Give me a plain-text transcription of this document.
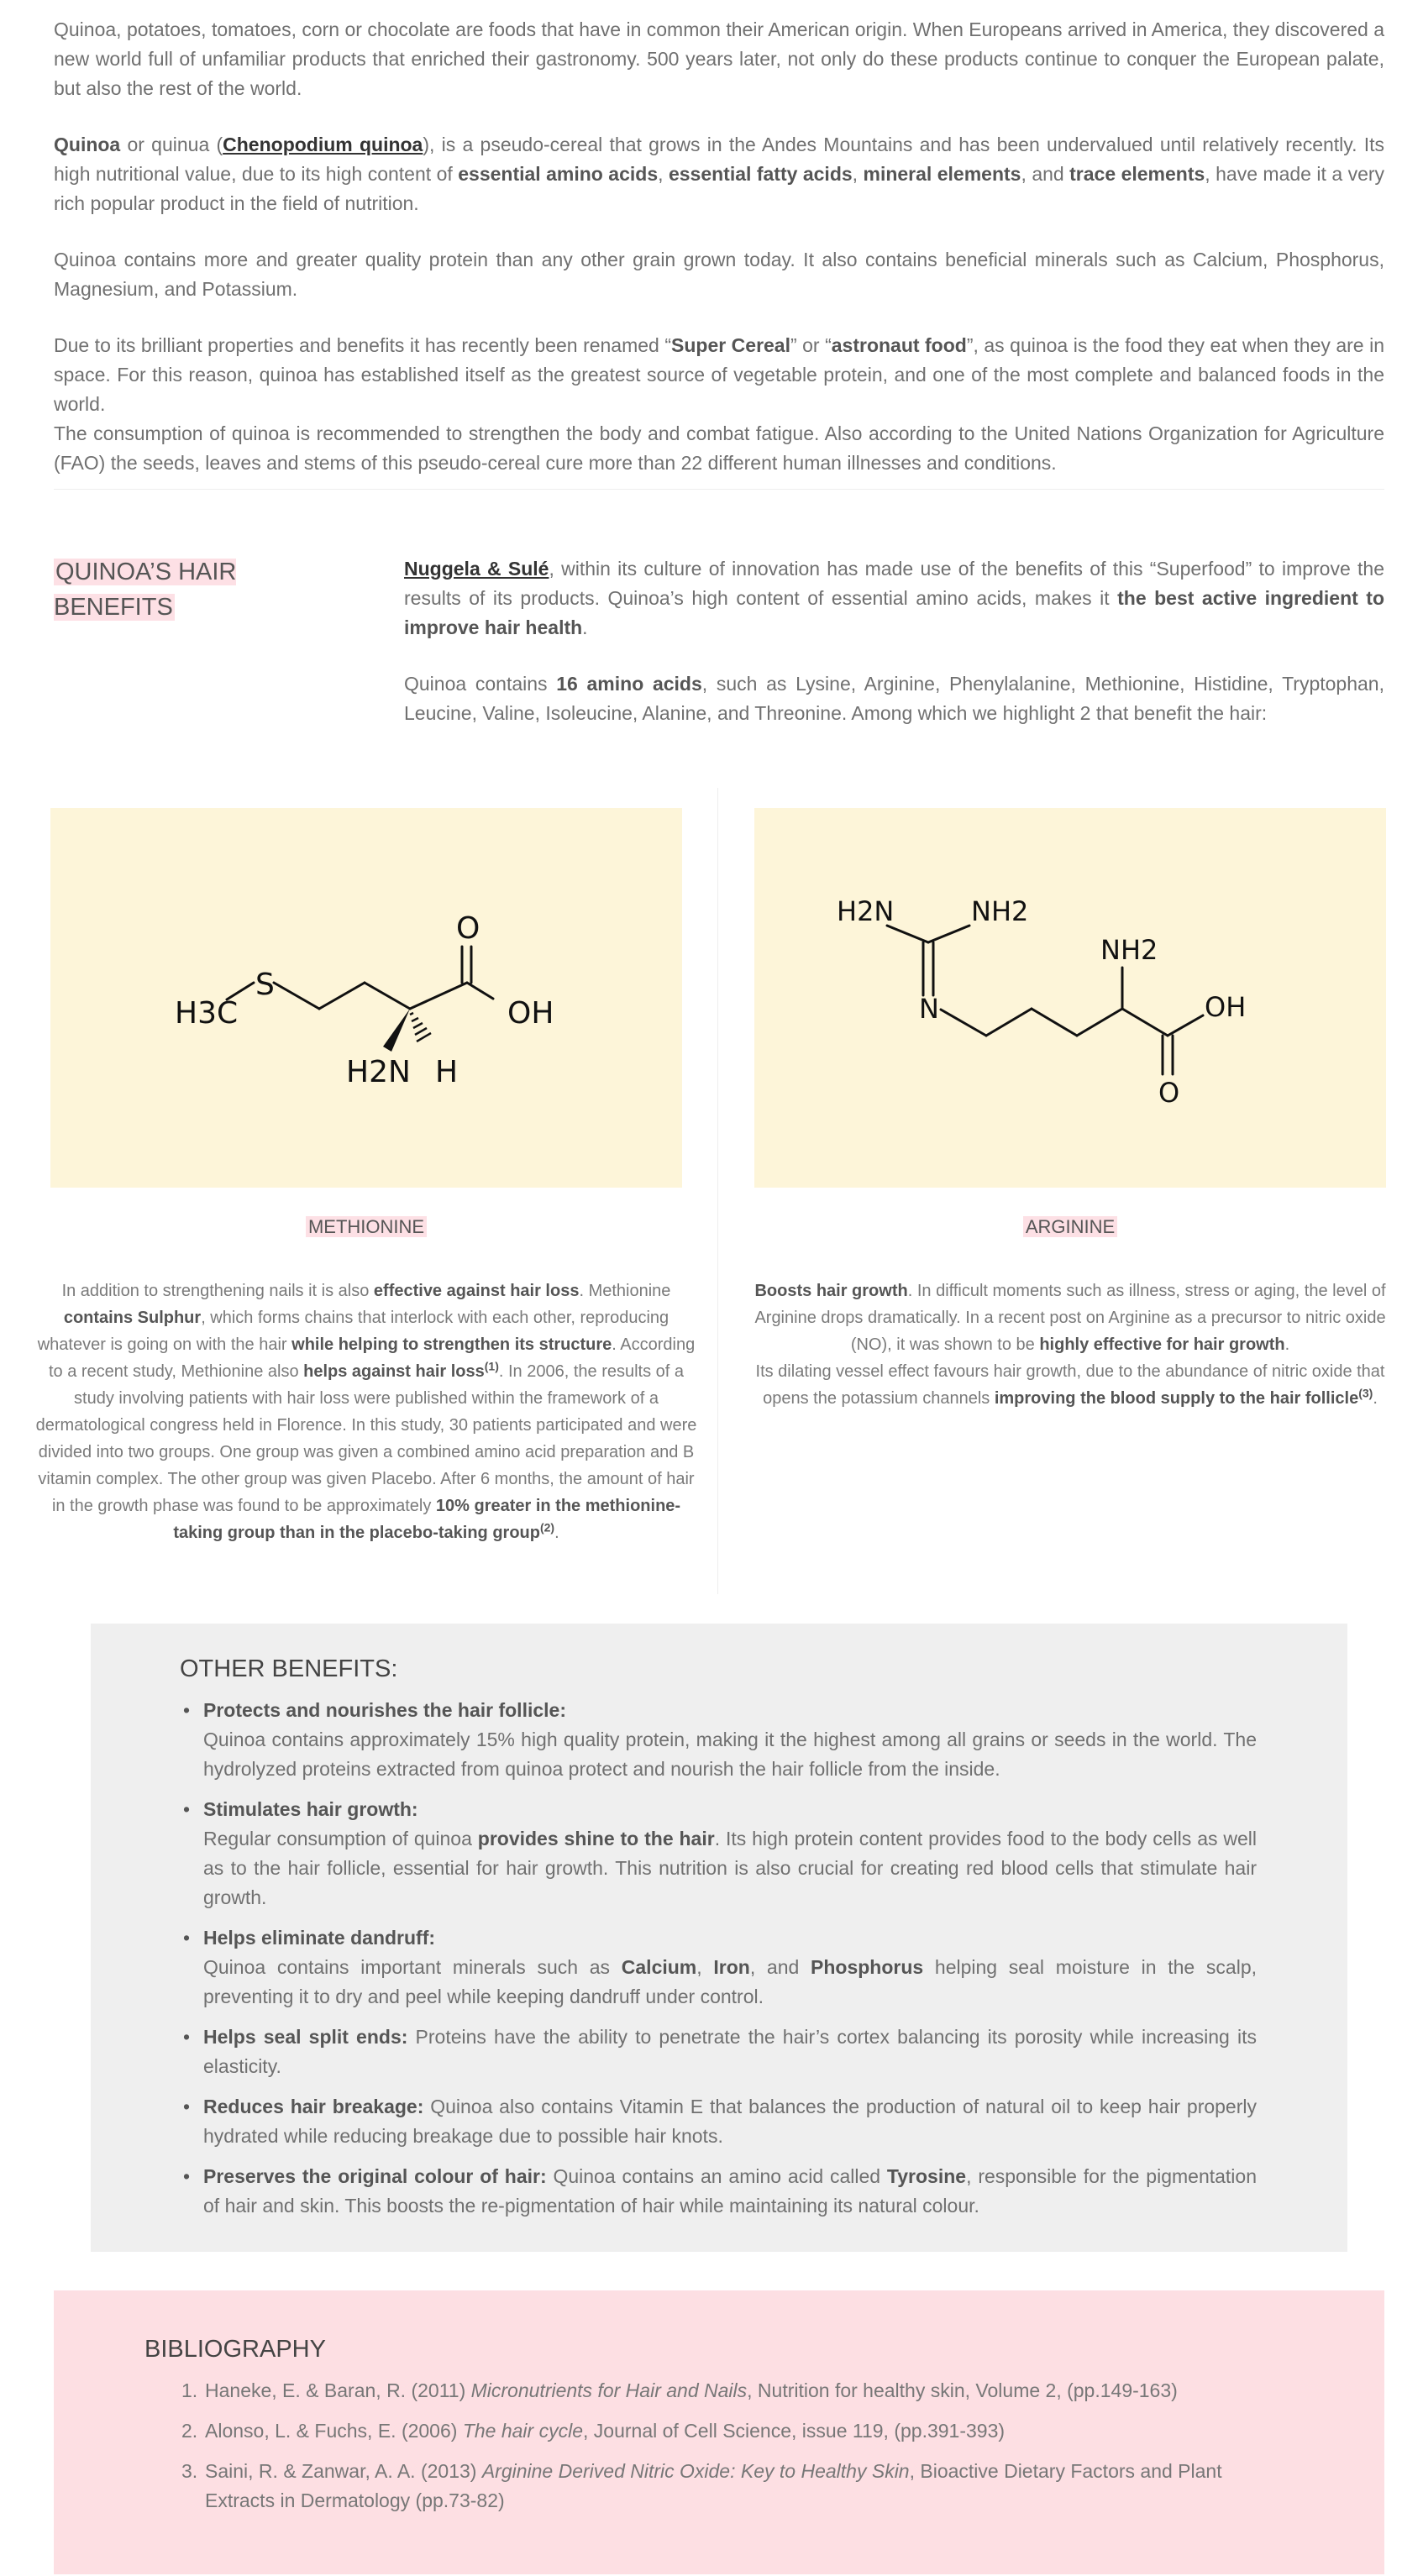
Quinoa, potatoes, tomatoes, corn or chocolate are foods that have in common their American origin. When Europeans arrived in America, they discovered a new world full of unfamiliar products that enriched their gastronomy. 500 years later, not only do these products continue to conquer the European palate, but also the rest of the world.

Quinoa or quinua (Chenopodium quinoa), is a pseudo-cereal that grows in the Andes Mountains and has been undervalued until relatively recently. Its high nutritional value, due to its high content of essential amino acids, essential fatty acids, mineral elements, and trace elements, have made it a very rich popular product in the field of nutrition.

Quinoa contains more and greater quality protein than any other grain grown today. It also contains beneficial minerals such as Calcium, Phosphorus, Magnesium, and Potassium.

Due to its brilliant properties and benefits it has recently been renamed “Super Cereal” or “astronaut food”, as quinoa is the food they eat when they are in space. For this reason, quinoa has established itself as the greatest source of vegetable protein, and one of the most complete and balanced foods in the world.

The consumption of quinoa is recommended to strengthen the body and combat fatigue. Also according to the United Nations Organization for Agriculture (FAO) the seeds, leaves and stems of this pseudo-cereal cure more than 22 different human illnesses and conditions.

QUINOA’S HAIR BENEFITS

Nuggela & Sulé, within its culture of innovation has made use of the benefits of this “Superfood” to improve the results of its products. Quinoa’s high content of essential amino acids, makes it the best active ingredient to improve hair health.

Quinoa contains 16 amino acids, such as Lysine, Arginine, Phenylalanine, Methionine, Histidine, Tryptophan, Leucine, Valine, Isoleucine, Alanine, and Threonine. Among which we highlight 2 that benefit the hair:

H3C
S
O
OH
H2N H
METHIONINE

In addition to strengthening nails it is also effective against hair loss. Methionine contains Sulphur, which forms chains that interlock with each other, reproducing whatever is going on with the hair while helping to strengthen its structure. According to a recent study, Methionine also helps against hair loss$^{(1)}$. In 2006, the results of a study involving patients with hair loss were published within the framework of a dermatological congress held in Florence. In this study, 30 patients participated and were divided into two groups. One group was given a combined amino acid preparation and B vitamin complex. The other group was given Placebo. After 6 months, the amount of hair in the growth phase was found to be approximately 10% greater in the methionine-taking group than in the placebo-taking group$^{(2)}$.

H2N	NH2
N
NH2
OH
O
ARGININE

Boosts hair growth. In difficult moments such as illness, stress or aging, the level of Arginine drops dramatically. In a recent post on Arginine as a precursor to nitric oxide (NO), it was shown to be highly effective for hair growth.

Its dilating vessel effect favours hair growth, due to the abundance of nitric oxide that opens the potassium channels improving the blood supply to the hair follicle$^{(3)}$.

OTHER BENEFITS:
• Protects and nourishes the hair follicle:
Quinoa contains approximately 15% high quality protein, making it the highest among all grains or seeds in the world. The hydrolyzed proteins extracted from quinoa protect and nourish the hair follicle from the inside.
• Stimulates hair growth:
Regular consumption of quinoa provides shine to the hair. Its high protein content provides food to the body cells as well as to the hair follicle, essential for hair growth. This nutrition is also crucial for creating red blood cells that stimulate hair growth.
• Helps eliminate dandruff:
Quinoa contains important minerals such as Calcium, Iron, and Phosphorus helping seal moisture in the scalp, preventing it to dry and peel while keeping dandruff under control.
• Helps seal split ends: Proteins have the ability to penetrate the hair’s cortex balancing its porosity while increasing its elasticity.
• Reduces hair breakage: Quinoa also contains Vitamin E that balances the production of natural oil to keep hair properly hydrated while reducing breakage due to possible hair knots.
• Preserves the original colour of hair: Quinoa contains an amino acid called Tyrosine, responsible for the pigmentation of hair and skin. This boosts the re-pigmentation of hair while maintaining its natural colour.
BIBLIOGRAPHY
1. Haneke, E. & Baran, R. (2011) Micronutrients for Hair and Nails, Nutrition for healthy skin, Volume 2, (pp.149-163)
2. Alonso, L. & Fuchs, E. (2006) The hair cycle, Journal of Cell Science, issue 119, (pp.391-393)
3. Saini, R. & Zanwar, A. A. (2013) Arginine Derived Nitric Oxide: Key to Healthy Skin, Bioactive Dietary Factors and Plant Extracts in Dermatology (pp.73-82)
